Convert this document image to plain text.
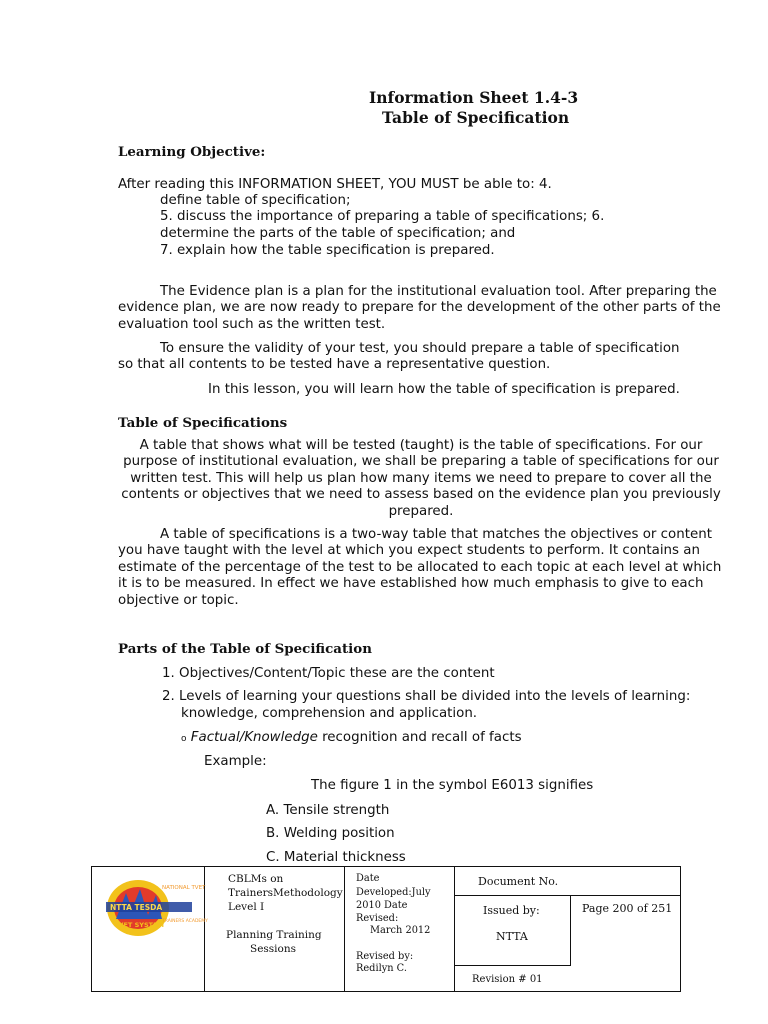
Information Sheet 1.4-3
Table of Specification
Learning Objective:
After reading this INFORMATION SHEET, YOU MUST be able to: 4.
define table of specification;
5. discuss the importance of preparing a table of specifications; 6.
determine the parts of the table of specification; and
7. explain how the table specification is prepared.
The Evidence plan is a plan for the institutional evaluation tool. After preparing the evidence plan, we are now ready to prepare for the development of the other parts of the evaluation tool such as the written test.
To ensure the validity of your test, you should prepare a table of specification
so that all contents to be tested have a representative question.
In this lesson, you will learn how the table of specification is prepared.
Table of Specifications
A table that shows what will be tested (taught) is the table of specifications. For our purpose of institutional evaluation, we shall be preparing a table of specifications for our written test. This will help us plan how many items we need to prepare to cover all the contents or objectives that we need to assess based on the evidence plan you previously prepared.
A table of specifications is a two-way table that matches the objectives or content you have taught with the level at which you expect students to perform. It contains an estimate of the percentage of the test to be allocated to each topic at each level at which it is to be measured. In effect we have established how much emphasis to give to each objective or topic.
Parts of the Table of Specification
1. Objectives/Content/Topic these are the content
2. Levels of learning your questions shall be divided into the levels of learning:
knowledge, comprehension and application.
o Factual/Knowledge recognition and recall of facts
Example:
The figure 1 in the symbol E6013 signifies
A. Tensile strength
B. Welding position
C. Material thickness
NTTA TESDA
NATIONAL TVET
TRAINERS ACADEMY
TVET SYSTEM
CBLMs on
TrainersMethodology
Level I
Planning Training
Sessions
Date
Developed:July
2010 Date
Revised:
March 2012
Revised by:
Redilyn C.
Document No.
Issued by:
NTTA
Page 200 of 251
Revision # 01
